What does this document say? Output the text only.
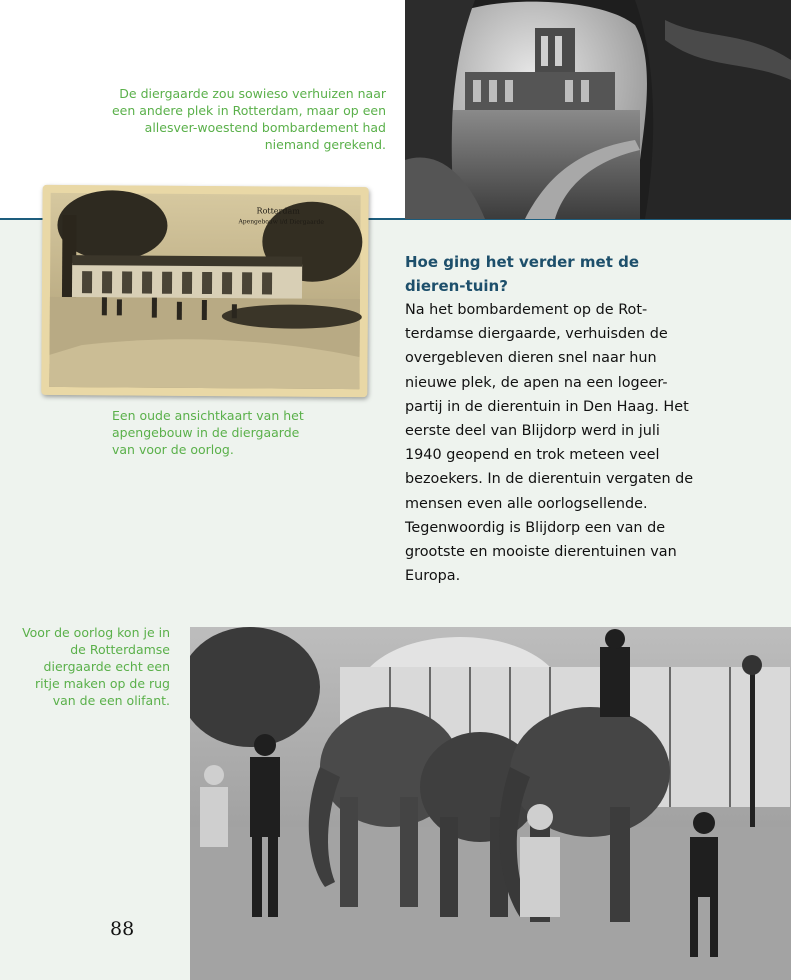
De diergaarde zou sowieso verhuizen naar een andere plek in Rotterdam, maar op een allesver-woestend bombardement had niemand gerekend.

Rotterdam
Apengebouw i/d Diergaarde

Een oude ansichtkaart van het apengebouw in de diergaarde van voor de oorlog.

Hoe ging het verder met de dieren-tuin?

Na het bombardement op de Rot-terdamse diergaarde, verhuisden de overgebleven dieren snel naar hun nieuwe plek, de apen na een logeer-partij in de dierentuin in Den Haag. Het eerste deel van Blijdorp werd in juli 1940 geopend en trok meteen veel bezoekers. In de dierentuin vergaten de mensen even alle oorlogsellende. Tegenwoordig is Blijdorp een van de grootste en mooiste dierentuinen van Europa.

Voor de oorlog kon je in de Rotterdamse diergaarde echt een ritje maken op de rug van de een olifant.

88
